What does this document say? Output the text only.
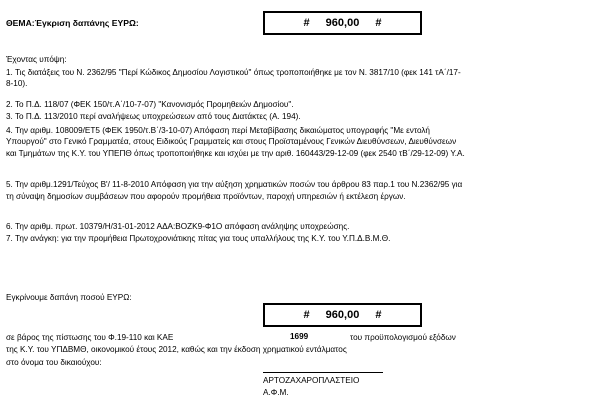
ΘΕΜΑ:Έγκριση δαπάνης ΕΥΡΩ:	# 960,00 #
Έχοντας υπόψη:
1. Τις διατάξεις του Ν. 2362/95 "Περί Κώδικος Δημοσίου Λογιστικού" όπως τροποποιήθηκε με τον Ν. 3817/10 (φεκ 141 τΑ΄/17-
8-10).
2. Το Π.Δ. 118/07 (ΦΕΚ 150/τ.Α΄/10-7-07) "Κανονισμός Προμηθειών Δημοσίου".
3. Το Π.Δ. 113/2010 περί αναλήψεως υποχρεώσεων από τους Διατάκτες (Α. 194).
4. Την αριθμ. 108009/ΕΤ5 (ΦΕΚ 1950/τ.Β΄/3-10-07) Απόφαση περί Μεταβίβασης δικαιώματος υπογραφής "Με εντολή
Υπουργού" στο Γενικό Γραμματέα, στους Ειδικούς Γραμματείς και στους Προϊσταμένους Γενικών Διευθύνσεων, Διευθύνσεων
και Τμημάτων της Κ.Υ. του ΥΠΕΠΘ όπως τροποποιήθηκε και ισχύει με την αριθ. 160443/29-12-09 (φεκ 2540 τΒ΄/29-12-09) Υ.Α.
5. Την αριθμ.1291/Τεύχος Β'/ 11-8-2010 Απόφαση για την αύξηση χρηματικών ποσών του άρθρου 83 παρ.1 του Ν.2362/95 για
τη σύναψη δημοσίων συμβάσεων που αφορούν προμήθεια προϊόντων, παροχή υπηρεσιών ή εκτέλεση έργων.
6. Την αριθμ. πρωτ. 10379/Η/31-01-2012 ΑΔΑ:ΒΟΖΚ9-Φ1Ο απόφαση ανάληψης υποχρεώσης.
7. Την ανάγκη: για την προμήθεια Πρωτοχρονιάτικης πίτας για τους υπαλλήλους της Κ.Υ. του Υ.Π.Δ.Β.Μ.Θ.
Εγκρίνουμε δαπάνη ποσού ΕΥΡΩ:
# 960,00 #
σε βάρος της πίστωσης του Φ.19-110 και ΚΑΕ	1699	του προϋπολογισμού εξόδων
της Κ.Υ. του ΥΠΔΒΜΘ, οικονομικού έτους 2012, καθώς και την έκδοση χρηματικού εντάλματος
στο όνομα του δικαιούχου:
ΑΡΤΟΖΑΧΑΡΟΠΛΑΣΤΕΙΟ
Α.Φ.Μ.
